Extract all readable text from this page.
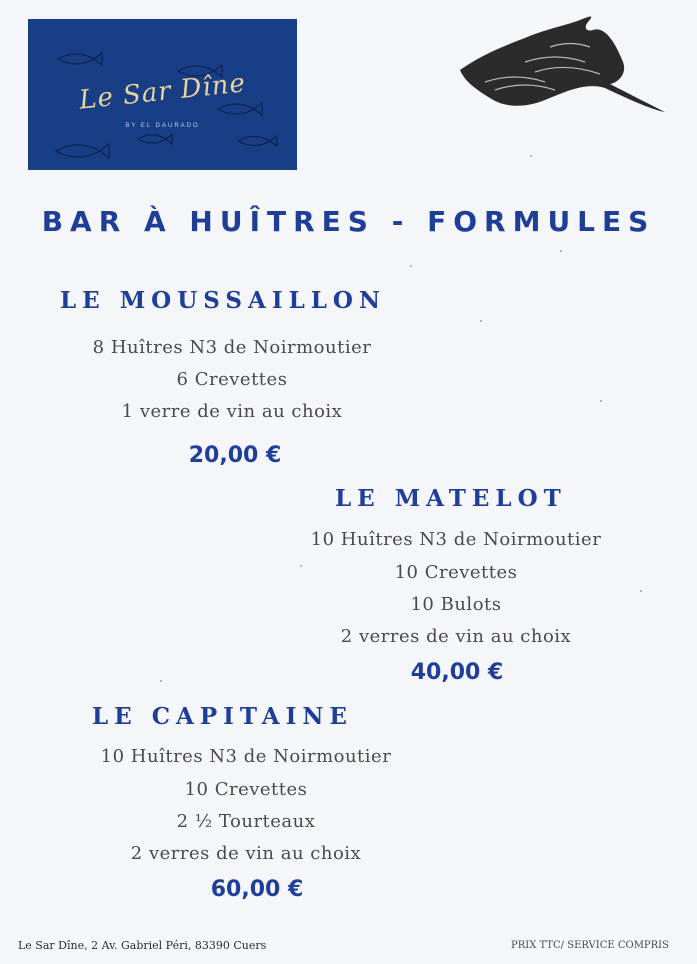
Le Sar Dîne
BY EL DAURADO
BAR À HUÎTRES - FORMULES
LE MOUSSAILLON
8 Huîtres N3 de Noirmoutier
6 Crevettes
1 verre de vin au choix
20,00 €
LE MATELOT
10 Huîtres N3 de Noirmoutier
10 Crevettes
10 Bulots
2 verres de vin au choix
40,00 €
LE CAPITAINE
10 Huîtres N3 de Noirmoutier
10 Crevettes
2 ½ Tourteaux
2 verres de vin au choix
60,00 €
Le Sar Dîne, 2 Av. Gabriel Péri, 83390 Cuers	PRIX TTC/ SERVICE COMPRIS
